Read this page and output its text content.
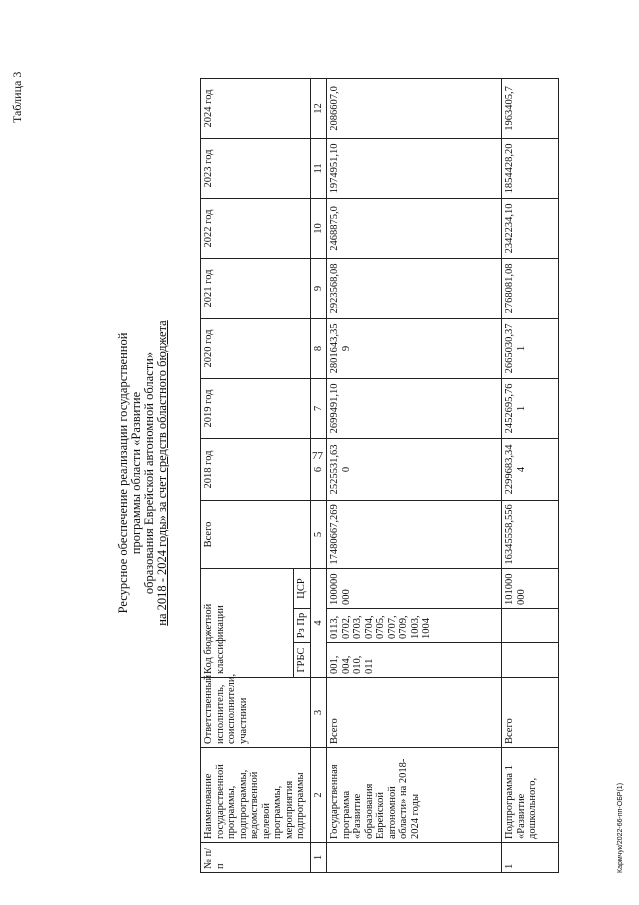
77
Таблица 3
Ресурсное обеспечение реализации государственной программы области «Развитие образования Еврейской автономной области» на 2018 - 2024 годы» за счет средств областного бюджета
№ п/п	Наименование государственной программы, подпрограммы, ведомственной целевой программы, мероприятия подпрограммы	Ответственный исполнитель, соисполнители, участники	Код бюджетной классификации			Всего	2018 год	2019 год	2020 год	2021 год	2022 год	2023 год	2024 год
			ГРБС	Рз Пр	ЦСР								
1	2	3	4			5	6	7	8	9	10	11	12
	Государственная программа «Развитие образования Еврейской автономной области» на 2018-2024 годы	Всего	001, 004, 010, 011	0113, 0702, 0703, 0704, 0705, 0707, 0709, 1003, 1004	100000000	17480667,269	2525531,630	2699491,10	2801643,359	2923568,08	2468875,0	1974951,10	2086607,0
1	Подпрограмма 1 «Развитие дошкольного,	Всего			101000000	16345558,556	2299683,344	2452695,761	2665030,371	2768081,08	2342234,10	1854428,20	1963405,7
Кармчук/2022-66-пп-ОБР(1)
